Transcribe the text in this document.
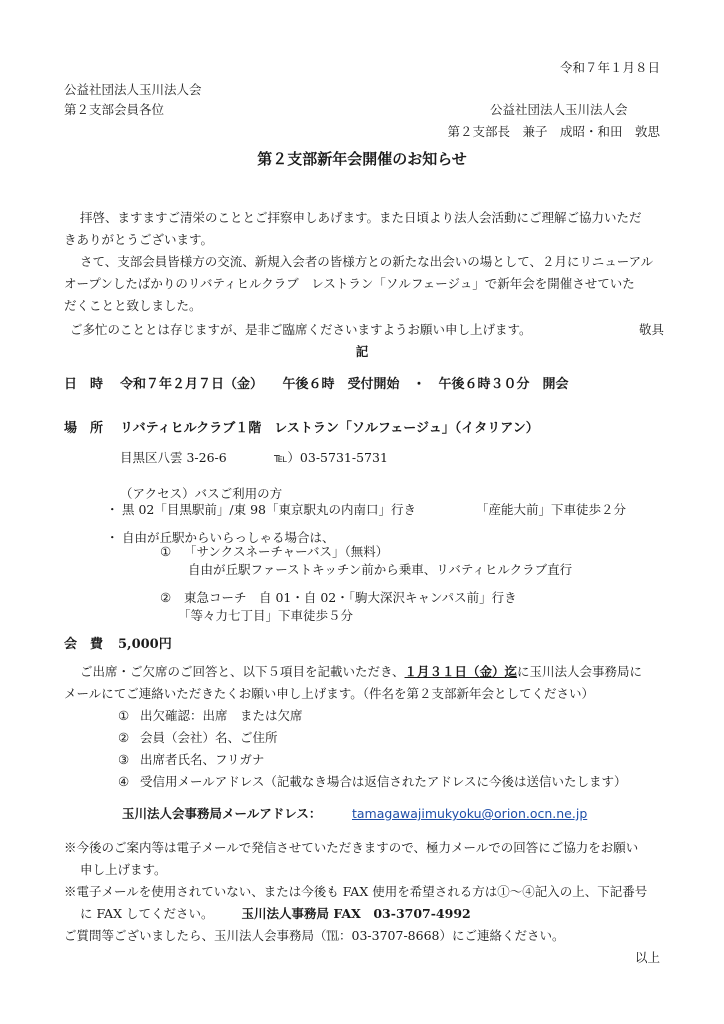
令和７年１月８日
公益社団法人玉川法人会
第２支部会員各位	公益社団法人玉川法人会
第２支部長　兼子　成昭・和田　敦思
第２支部新年会開催のお知らせ
拝啓、ますますご清栄のこととご拝察申しあげます。また日頃より法人会活動にご理解ご協力いただ
きありがとうございます。
さて、支部会員皆様方の交流、新規入会者の皆様方との新たな出会いの場として、２月にリニューアル
オープンしたばかりのリバティヒルクラブ　レストラン「ソルフェージュ」で新年会を開催させていた
だくことと致しました。
ご多忙のこととは存じますが、是非ご臨席くださいますようお願い申し上げます。	敬具
記
日　時 令和７年２月７日（金）　　午後６時　受付開始　・　午後６時３０分　開会
場　所 リバティヒルクラブ１階　レストラン「ソルフェージュ」（イタリアン）
目黒区八雲 3-26-6	℡）03-5731-5731
（アクセス）バスご利用の方
・ 黒 02「目黒駅前」/東 98「東京駅丸の内南口」行き	「産能大前」下車徒歩２分
・ 自由が丘駅からいらっしゃる場合は、
① 「サンクスネーチャーバス」（無料）
自由が丘駅ファーストキッチン前から乗車、リバティヒルクラブ直行
② 東急コーチ　自 01・自 02・「駒大深沢キャンパス前」行き
「等々力七丁目」下車徒歩５分
会　費 5,000円
ご出席・ご欠席のご回答と、以下５項目を記載いただき、１月３１日（金）迄に玉川法人会事務局に
メールにてご連絡いただきたくお願い申し上げます。（件名を第２支部新年会としてください）
① 出欠確認：出席　または欠席
② 会員（会社）名、ご住所
③ 出席者氏名、フリガナ
④ 受信用メールアドレス（記載なき場合は返信されたアドレスに今後は送信いたします）
玉川法人会事務局メールアドレス： tamagawajimukyoku@orion.ocn.ne.jp
※今後のご案内等は電子メールで発信させていただきますので、極力メールでの回答にご協力をお願い
申し上げます。
※電子メールを使用されていない、または今後も FAX 使用を希望される方は①～④記入の上、下記番号
に FAX してください。 玉川法人事務局 FAX　03-3707-4992
ご質問等ございましたら、玉川法人会事務局（℡：03-3707-8668）にご連絡ください。
以上
